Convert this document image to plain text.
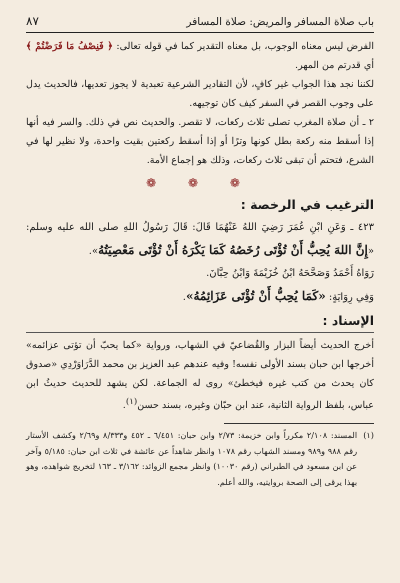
باب صلاة المسافر والمريض: صلاة المسافر
٨٧

الفرض ليس معناه الوجوب، بل معناه التقدير كما في قوله تعالى: ﴿ فَنِصْفُ مَا فَرَضْتُمْ ﴾ أي قدرتم من المهر.

لكننا نجد هذا الجواب غير كافٍ، لأن التقادير الشرعية تعبدية لا يجوز تعديها، فالحديث يدل على وجوب القصر في السفر كيف كان توجيهه.

٢ ـ أن صلاة المغرب تصلى ثلاث ركعات، لا تقصر. والحديث نص في ذلك. والسر فيه أنها إذا أسقط منه ركعة بطل كونها وترًا أو إذا أسقط ركعتين بقيت واحدة، ولا نظير لها في الشرع، فتحتم أن تبقى ثلاث ركعات، وذلك هو إجماع الأمة.

❁ ❁ ❁
الترغيب في الرخصة :

٤٢٣ ـ وَعَنِ ابْنِ عُمَرَ رَضِيَ اللهُ عَنْهُمَا قَالَ: قَالَ رَسُولُ اللهِ صلى الله عليه وسلم: «إِنَّ اللهَ يُحِبُّ أَنْ تُؤْتَى رُخَصُهُ كَمَا يَكْرَهُ أَنْ تُؤْتَى مَعْصِيَتُهُ».

رَوَاهُ أَحْمَدُ وَصَحَّحَهُ ابْنُ خُزَيْمَةَ وَابْنُ حِبَّانَ.

وَفِي رِوَايَةٍ: «كَمَا يُحِبُّ أَنْ تُؤْتَى عَزَائِمُهُ».

الإسناد :

أخرج الحديث أيضاً البزار والقُضاعيّ في الشهاب، ورواية «كما يحبّ أن تؤتى عزائمه» أخرجها ابن حبان بسند الأولى نفسه! وفيه عندهم عبد العزيز بن محمد الدَّرَاوَرْدِي «صدوق كان يحدث من كتب غيره فيخطئ» روى له الجماعة. لكن يشهد للحديث حديثُ ابن عباس، بلفظ الرواية الثانية، عند ابن حبّان وغيره، بسند حسن$^{(١)}$.

(١)
المسند: ٢/١٠٨ مكرراً وابن خزيمة: ٢/٧٣ وابن حبان: ٦/٤٥١ ـ ٤٥٢ و٨/٣٣٣ و٢/٦٩ وكشف الأستار رقم ٩٨٨ و٩٨٩ ومسند الشهاب رقم ١٠٧٨ وانظر شاهداً عن عائشة في ثلاث ابن حبان: ٥/١٨٥ وآخر عن ابن مسعود في الطبراني (رقم ١٠٠٣٠) وانظر مجمع الزوائد: ٣/١٦٢ ـ ١٦٣ لتخريج شواهده، وهو بهذا يرقى إلى الصحة بروايتيه، والله أعلم.
